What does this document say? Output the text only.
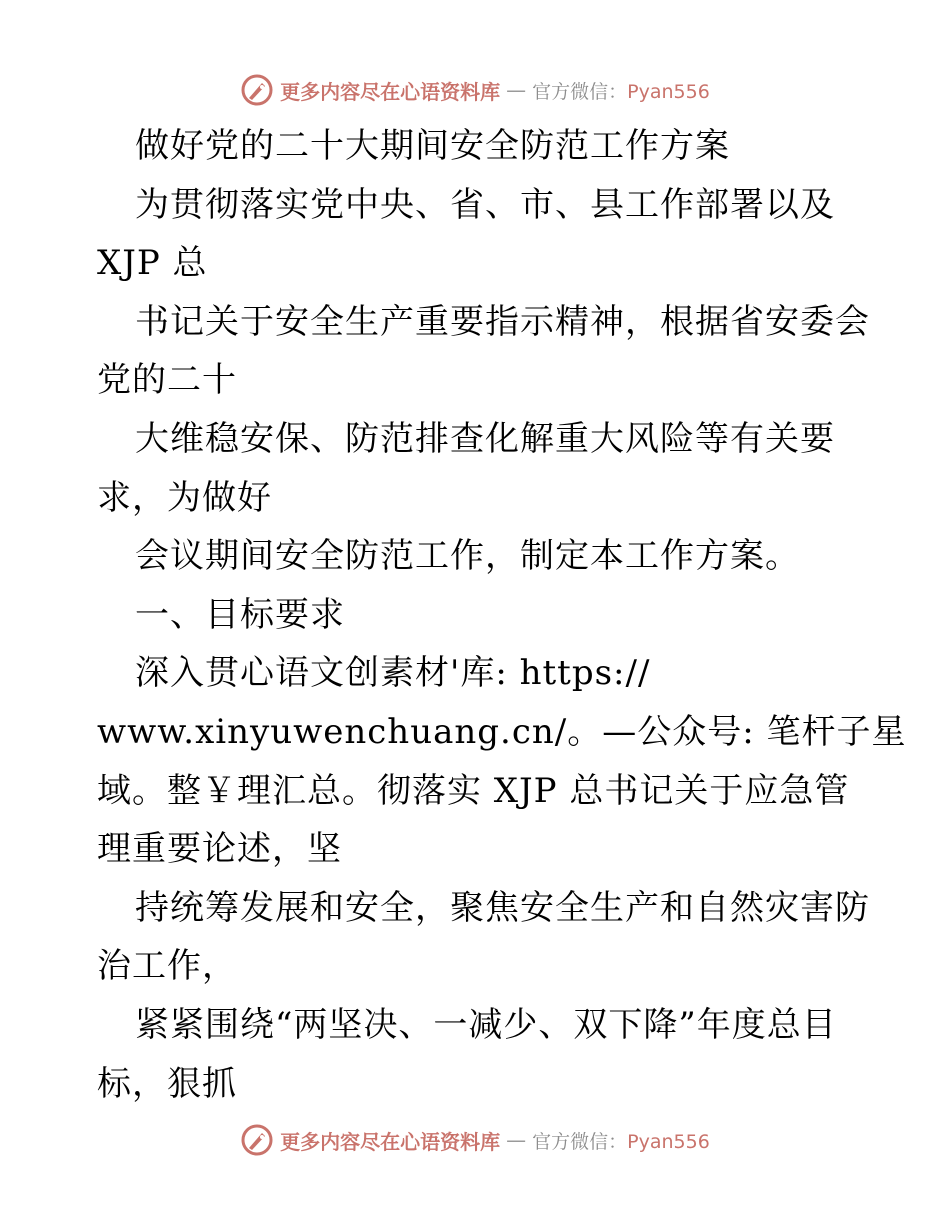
更多内容尽在心语资料库 — 官方微信：Pyan556
做好党的二十大期间安全防范工作方案
为贯彻落实党中央、省、市、县工作部署以及
XJP 总
书记关于安全生产重要指示精神，根据省安委会
党的二十
大维稳安保、防范排查化解重大风险等有关要
求，为做好
会议期间安全防范工作，制定本工作方案。
一、目标要求
深入贯心语文创素材'库: https://
www.xinyuwenchuang.cn/。—公众号: 笔杆子星
域。整￥理汇总。彻落实 XJP 总书记关于应急管
理重要论述，坚
持统筹发展和安全，聚焦安全生产和自然灾害防
治工作，
紧紧围绕“两坚决、一减少、双下降”年度总目
标，狠抓
更多内容尽在心语资料库 — 官方微信：Pyan556
